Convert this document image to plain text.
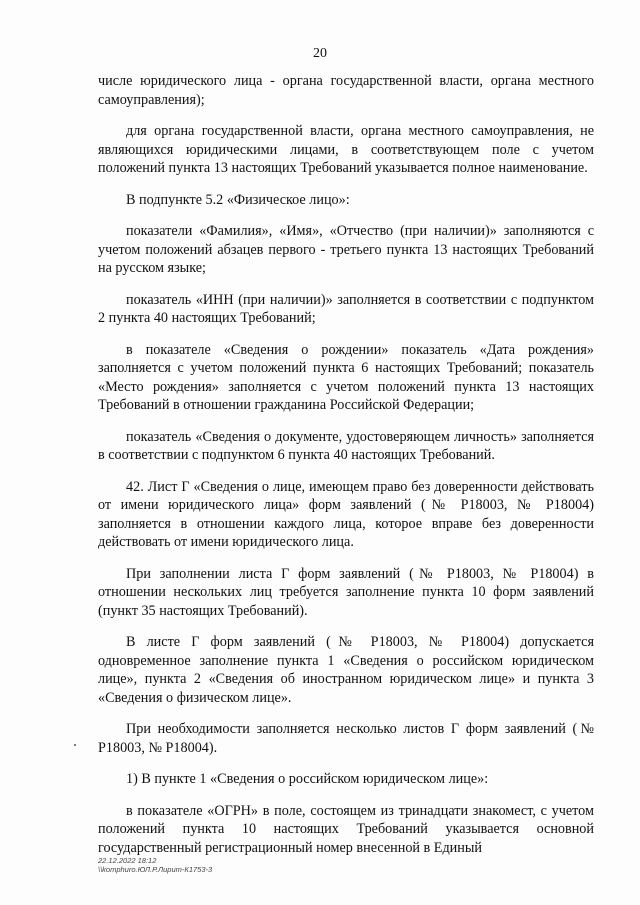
20

числе юридического лица - органа государственной власти, органа местного самоуправления);

для органа государственной власти, органа местного самоуправления, не являющихся юридическими лицами, в соответствующем поле с учетом положений пункта 13 настоящих Требований указывается полное наименование.

В подпункте 5.2 «Физическое лицо»:

показатели «Фамилия», «Имя», «Отчество (при наличии)» заполняются с учетом положений абзацев первого - третьего пункта 13 настоящих Требований на русском языке;

показатель «ИНН (при наличии)» заполняется в соответствии с подпунктом 2 пункта 40 настоящих Требований;

в показателе «Сведения о рождении» показатель «Дата рождения» заполняется с учетом положений пункта 6 настоящих Требований; показатель «Место рождения» заполняется с учетом положений пункта 13 настоящих Требований в отношении гражданина Российской Федерации;

показатель «Сведения о документе, удостоверяющем личность» заполняется в соответствии с подпунктом 6 пункта 40 настоящих Требований.

42. Лист Г «Сведения о лице, имеющем право без доверенности действовать от имени юридического лица» форм заявлений (№ Р18003, № Р18004) заполняется в отношении каждого лица, которое вправе без доверенности действовать от имени юридического лица.

При заполнении листа Г форм заявлений (№ Р18003, № Р18004) в отношении нескольких лиц требуется заполнение пункта 10 форм заявлений (пункт 35 настоящих Требований).

В листе Г форм заявлений (№ Р18003, № Р18004) допускается одновременное заполнение пункта 1 «Сведения о российском юридическом лице», пункта 2 «Сведения об иностранном юридическом лице» и пункта 3 «Сведения о физическом лице».

При необходимости заполняется несколько листов Г форм заявлений (№ Р18003, № Р18004).

1) В пункте 1 «Сведения о российском юридическом лице»:

в показателе «ОГРН» в поле, состоящем из тринадцати знакомест, с учетом положений пункта 10 настоящих Требований указывается основной государственный регистрационный номер внесенной в Единый

22.12.2022 18:12
\\komphuro.ЮЛ.Р.Лирит-К1753-3
